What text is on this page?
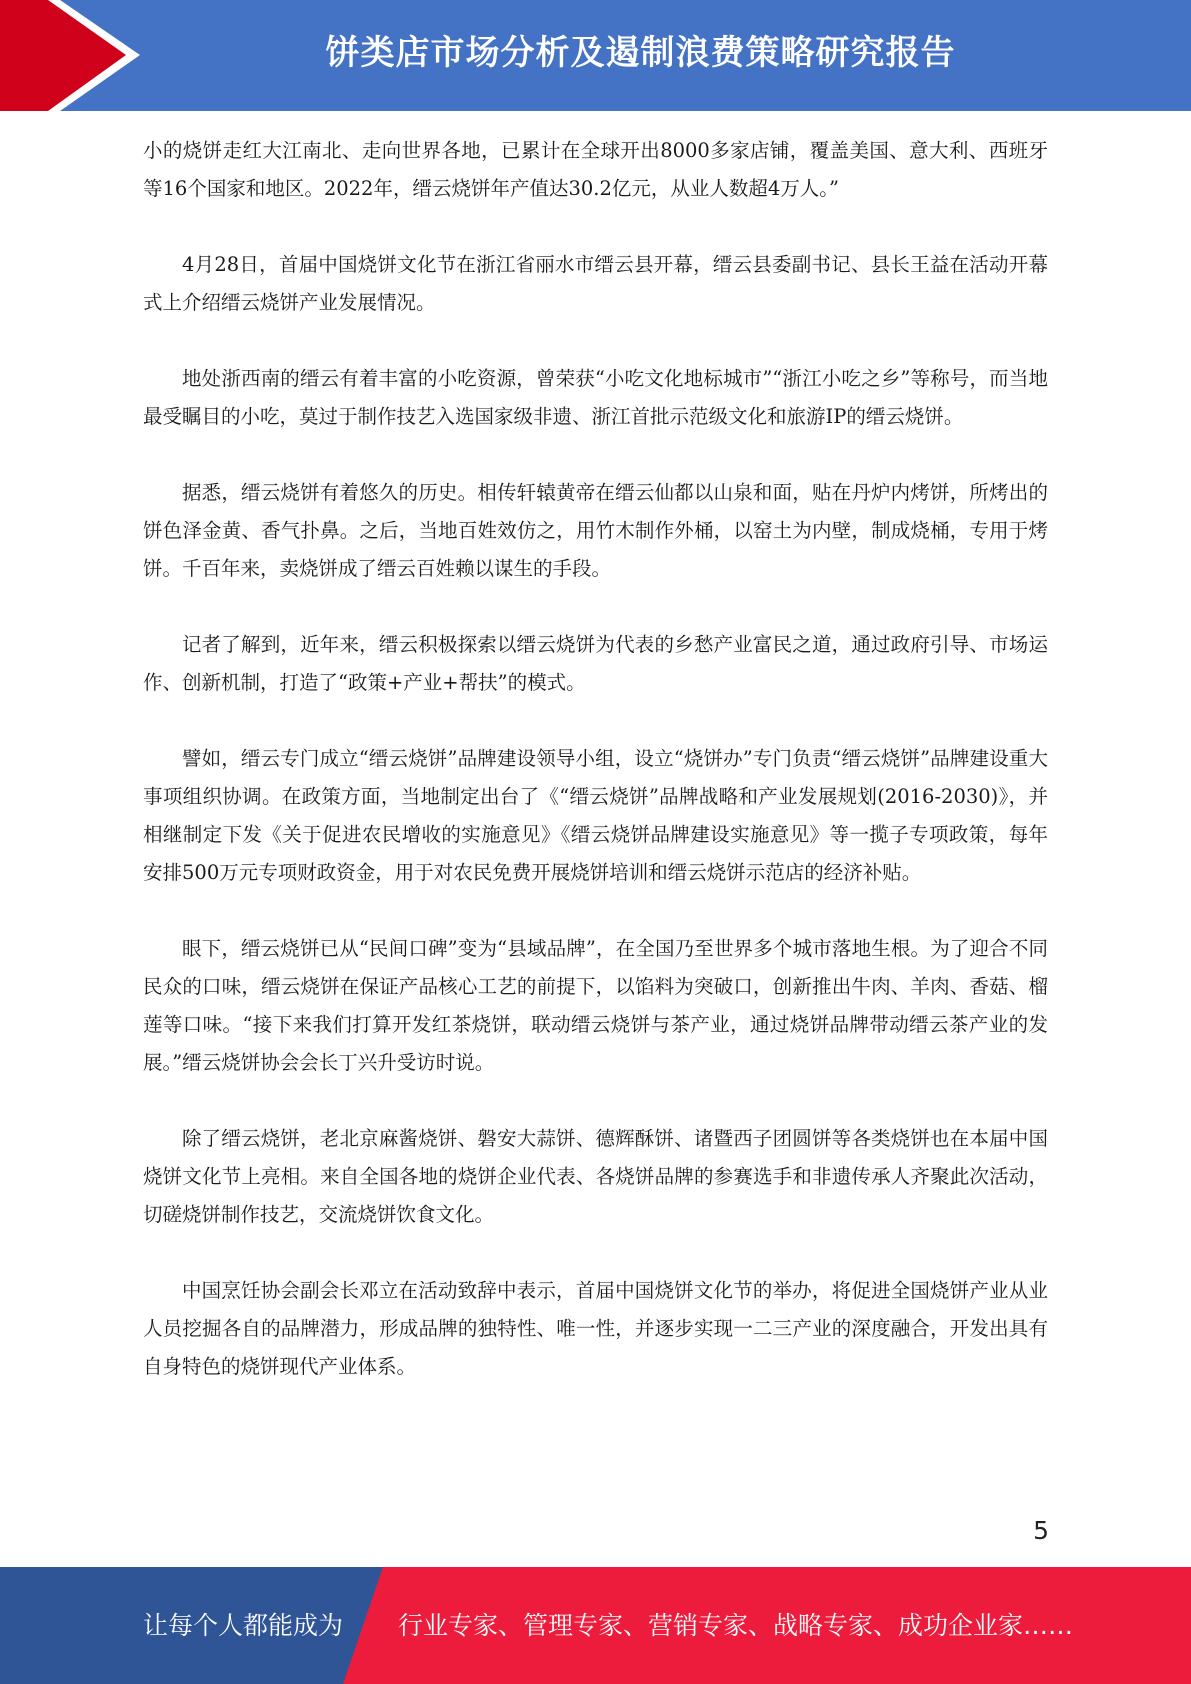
饼类店市场分析及遏制浪费策略研究报告

小的烧饼走红大江南北、走向世界各地，已累计在全球开出8000多家店铺，覆盖美国、意大利、西班牙等16个国家和地区。2022年，缙云烧饼年产值达30.2亿元，从业人数超4万人。”

4月28日，首届中国烧饼文化节在浙江省丽水市缙云县开幕，缙云县委副书记、县长王益在活动开幕式上介绍缙云烧饼产业发展情况。

地处浙西南的缙云有着丰富的小吃资源，曾荣获“小吃文化地标城市”“浙江小吃之乡”等称号，而当地最受瞩目的小吃，莫过于制作技艺入选国家级非遗、浙江首批示范级文化和旅游IP的缙云烧饼。

据悉，缙云烧饼有着悠久的历史。相传轩辕黄帝在缙云仙都以山泉和面，贴在丹炉内烤饼，所烤出的饼色泽金黄、香气扑鼻。之后，当地百姓效仿之，用竹木制作外桶，以窑土为内壁，制成烧桶，专用于烤饼。千百年来，卖烧饼成了缙云百姓赖以谋生的手段。

记者了解到，近年来，缙云积极探索以缙云烧饼为代表的乡愁产业富民之道，通过政府引导、市场运作、创新机制，打造了“政策+产业+帮扶”的模式。

譬如，缙云专门成立“缙云烧饼”品牌建设领导小组，设立“烧饼办”专门负责“缙云烧饼”品牌建设重大事项组织协调。在政策方面，当地制定出台了《“缙云烧饼”品牌战略和产业发展规划(2016-2030)》，并相继制定下发《关于促进农民增收的实施意见》《缙云烧饼品牌建设实施意见》等一揽子专项政策，每年安排500万元专项财政资金，用于对农民免费开展烧饼培训和缙云烧饼示范店的经济补贴。

眼下，缙云烧饼已从“民间口碑”变为“县域品牌”，在全国乃至世界多个城市落地生根。为了迎合不同民众的口味，缙云烧饼在保证产品核心工艺的前提下，以馅料为突破口，创新推出牛肉、羊肉、香菇、榴莲等口味。“接下来我们打算开发红茶烧饼，联动缙云烧饼与茶产业，通过烧饼品牌带动缙云茶产业的发展。”缙云烧饼协会会长丁兴升受访时说。

除了缙云烧饼，老北京麻酱烧饼、磐安大蒜饼、德辉酥饼、诸暨西子团圆饼等各类烧饼也在本届中国烧饼文化节上亮相。来自全国各地的烧饼企业代表、各烧饼品牌的参赛选手和非遗传承人齐聚此次活动，切磋烧饼制作技艺，交流烧饼饮食文化。

中国烹饪协会副会长邓立在活动致辞中表示，首届中国烧饼文化节的举办，将促进全国烧饼产业从业人员挖掘各自的品牌潜力，形成品牌的独特性、唯一性，并逐步实现一二三产业的深度融合，开发出具有自身特色的烧饼现代产业体系。

5
让每个人都能成为 行业专家、管理专家、营销专家、战略专家、成功企业家……
